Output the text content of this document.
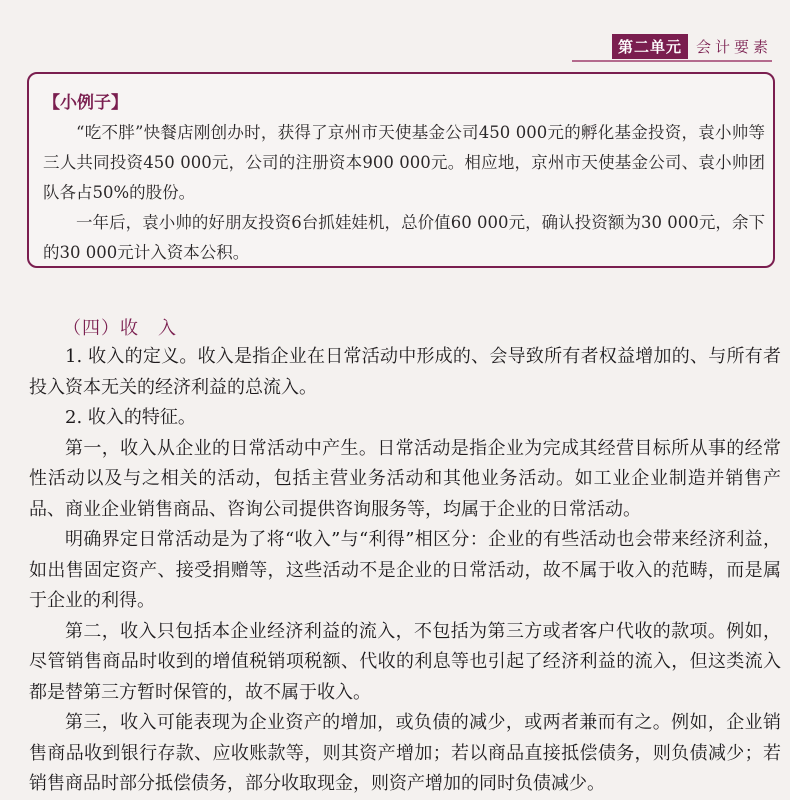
第二单元 会计要素
【小例子】

“吃不胖”快餐店刚创办时，获得了京州市天使基金公司450 000元的孵化基金投资，袁小帅等三人共同投资450 000元，公司的注册资本900 000元。相应地，京州市天使基金公司、袁小帅团队各占50%的股份。

一年后，袁小帅的好朋友投资6台抓娃娃机，总价值60 000元，确认投资额为30 000元，余下的30 000元计入资本公积。

（四）收　入

1. 收入的定义。收入是指企业在日常活动中形成的、会导致所有者权益增加的、与所有者投入资本无关的经济利益的总流入。

2. 收入的特征。

第一，收入从企业的日常活动中产生。日常活动是指企业为完成其经营目标所从事的经常性活动以及与之相关的活动，包括主营业务活动和其他业务活动。如工业企业制造并销售产品、商业企业销售商品、咨询公司提供咨询服务等，均属于企业的日常活动。

明确界定日常活动是为了将“收入”与“利得”相区分：企业的有些活动也会带来经济利益，如出售固定资产、接受捐赠等，这些活动不是企业的日常活动，故不属于收入的范畴，而是属于企业的利得。

第二，收入只包括本企业经济利益的流入，不包括为第三方或者客户代收的款项。例如，尽管销售商品时收到的增值税销项税额、代收的利息等也引起了经济利益的流入，但这类流入都是替第三方暂时保管的，故不属于收入。

第三，收入可能表现为企业资产的增加，或负债的减少，或两者兼而有之。例如，企业销售商品收到银行存款、应收账款等，则其资产增加；若以商品直接抵偿债务，则负债减少；若销售商品时部分抵偿债务，部分收取现金，则资产增加的同时负债减少。
